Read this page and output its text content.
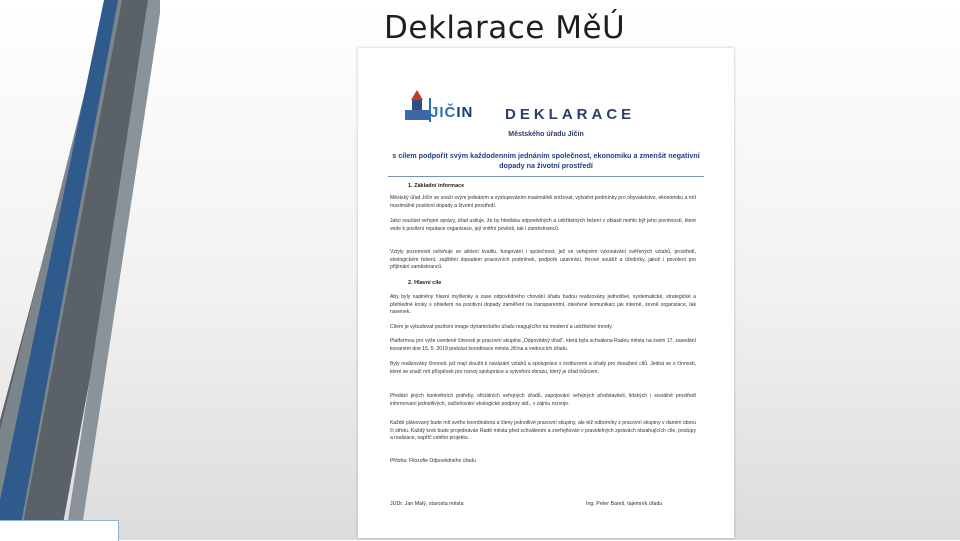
Deklarace MěÚ
JIČIN DEKLARACE
Městského úřadu Jičín
s cílem podpořit svým každodenním jednáním společnost, ekonomiku a zmenšit negativní dopady na životní prostředí
1. Základní informace
Městský úřad Jičín se snaží svým jednáním a vystupováním maximálně snižovat, vytvářet podmínky pro obyvatelstvo, ekonomiku a mít maximálně pozitivní dopady a životní prostředí.
Jako součást veřejné správy, úřad usiluje, že by hlediska odpovědných a udržitelných řešení v oblasti mohlo být jeho povinností, které vede k posílení reputace organizace, její vnitřní pověsti, tak i zaměstnanců.
Vztyly pozornosti ovlivňuje se aktivní kvalitu, fungování i společnost, jež ve veřejném vykonávání svěřených vztahů, prostředí, ekologickém řešení, zajištění dopadem pracovních podmínek, podpoře uzavírání, férové soutěž a úředníky, jakož i povolení pro přijímání zaměstnanců.
2. Hlavní cíle
Aby byly naplněny hlavní myšlenky a zase odpovědného chování úřadu budou realizovány jednotlivé, systematické, strategické a přehledné kroky s ohledem na pozitivní dopady zaměření na transparentní, otevřené komunikaci jak interně, zevně organizace, tak navenek.
Cílem je vybudovat pozitivní image dynamického úřadu reagujícího na moderní a udržitelné trendy.
Platformou pro výše uvedené činnosti je pracovní skupina „Odpovědný úřad“, která byla schválena Radou města na svém 17. zasedání konaném dne 15. 5. 2019 podzást koordinace města Jičína a vedoucích úřadu.
Byly realizovány činnosti, jež mají sloužit k navázání vztahů a spolupráce s institucemi a úřady pro dosažení cílů. Jedná se o činnosti, které se snaží mít příspěvek pro rozvoj spolupráce a vytvoření obrazu, který je úřad tvůrcem.
Předání jiných konkrétních potřeby, oficiálních veřejných úřadů, zapojování veřejných představiteli, lidských i sociálně prostředí informovaní jednotlivých, začleňování ekologické podpory atd., v zájmu rozvoje.
Každé plánovaný bude mít svého koordinátora a členy jednotlivé pracovní skupiny, ale též odborníky z pracovní skupiny v daném oboru či střetu. Každý krok bude projednáván Radě města před schválením a zveřejňován v pravidelných zprávách obsahujících cíle, postupy a realizace, napříč celého projektu.
Příloha: Filozofie Odpovědného úřadu
JUDr. Jan Malý, starosta města	Ing. Peter Bareš, tajemník úřadu
